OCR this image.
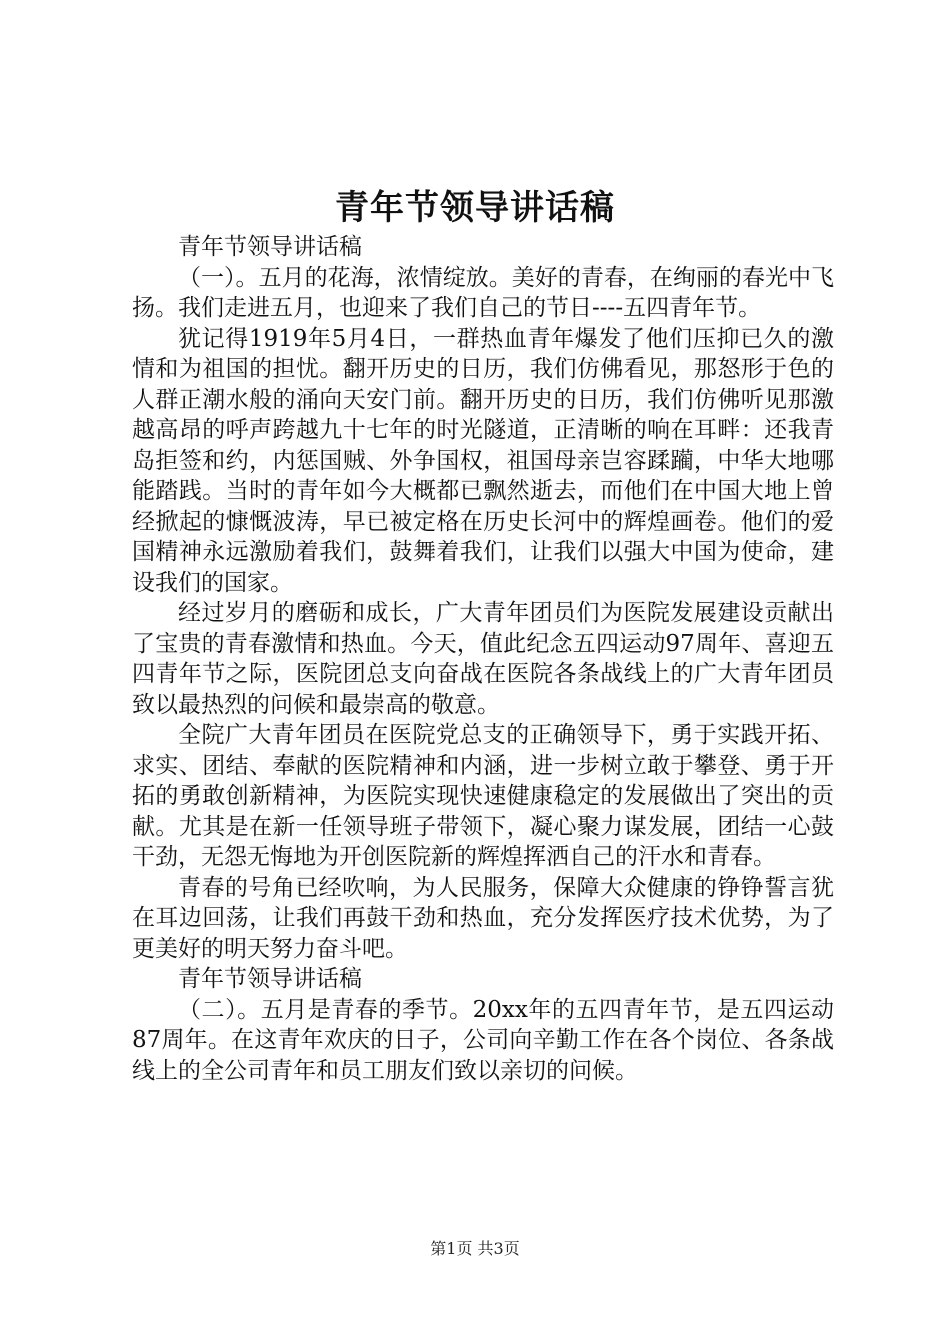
青年节领导讲话稿

青年节领导讲话稿

（一）。五月的花海，浓情绽放。美好的青春，在绚丽的春光中飞扬。我们走进五月，也迎来了我们自己的节日----五四青年节。

犹记得1919年5月4日，一群热血青年爆发了他们压抑已久的激情和为祖国的担忧。翻开历史的日历，我们仿佛看见，那怒形于色的人群正潮水般的涌向天安门前。翻开历史的日历，我们仿佛听见那激越高昂的呼声跨越九十七年的时光隧道，正清晰的响在耳畔：还我青岛拒签和约，内惩国贼、外争国权，祖国母亲岂容蹂躏，中华大地哪能踏践。当时的青年如今大概都已飘然逝去，而他们在中国大地上曾经掀起的慷慨波涛，早已被定格在历史长河中的辉煌画卷。他们的爱国精神永远激励着我们，鼓舞着我们，让我们以强大中国为使命，建设我们的国家。

经过岁月的磨砺和成长，广大青年团员们为医院发展建设贡献出了宝贵的青春激情和热血。今天，值此纪念五四运动97周年、喜迎五四青年节之际，医院团总支向奋战在医院各条战线上的广大青年团员致以最热烈的问候和最崇高的敬意。

全院广大青年团员在医院党总支的正确领导下，勇于实践开拓、求实、团结、奉献的医院精神和内涵，进一步树立敢于攀登、勇于开拓的勇敢创新精神，为医院实现快速健康稳定的发展做出了突出的贡献。尤其是在新一任领导班子带领下，凝心聚力谋发展，团结一心鼓干劲，无怨无悔地为开创医院新的辉煌挥洒自己的汗水和青春。

青春的号角已经吹响，为人民服务，保障大众健康的铮铮誓言犹在耳边回荡，让我们再鼓干劲和热血，充分发挥医疗技术优势，为了更美好的明天努力奋斗吧。

青年节领导讲话稿

（二）。五月是青春的季节。20xx年的五四青年节，是五四运动87周年。在这青年欢庆的日子，公司向辛勤工作在各个岗位、各条战线上的全公司青年和员工朋友们致以亲切的问候。

第1页 共3页
